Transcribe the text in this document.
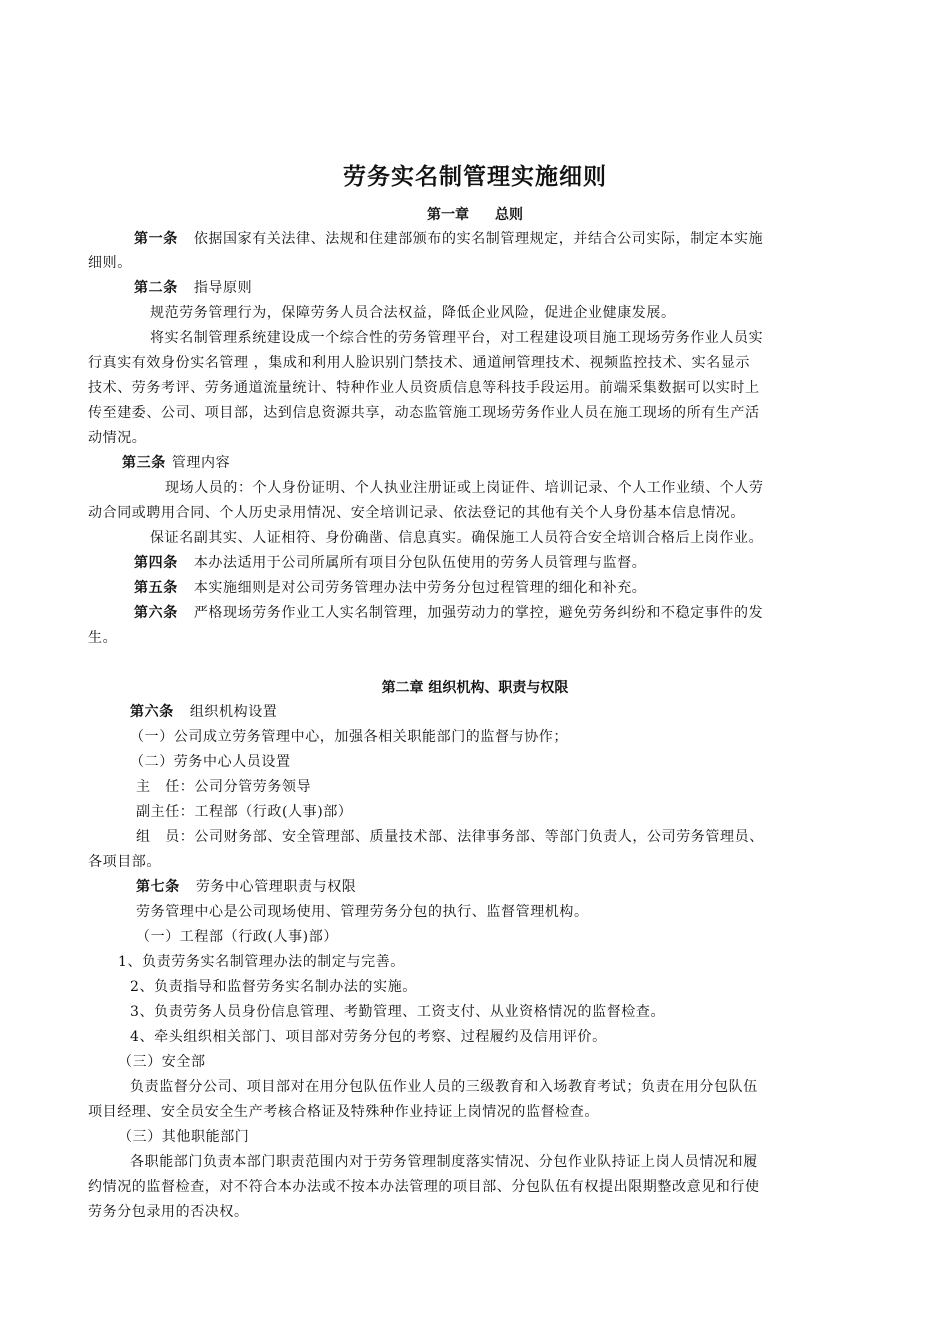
劳务实名制管理实施细则
第一章 总则
第一条 依据国家有关法律、法规和住建部颁布的实名制管理规定，并结合公司实际，制定本实施
细则。
第二条 指导原则
规范劳务管理行为，保障劳务人员合法权益，降低企业风险，促进企业健康发展。
将实名制管理系统建设成一个综合性的劳务管理平台，对工程建设项目施工现场劳务作业人员实
行真实有效身份实名管理 ，集成和利用人脸识别门禁技术、通道闸管理技术、视频监控技术、实名显示
技术、劳务考评、劳务通道流量统计、特种作业人员资质信息等科技手段运用。前端采集数据可以实时上
传至建委、公司、项目部，达到信息资源共享，动态监管施工现场劳务作业人员在施工现场的所有生产活
动情况。
第三条 管理内容
现场人员的：个人身份证明、个人执业注册证或上岗证件、培训记录、个人工作业绩、个人劳
动合同或聘用合同、个人历史录用情况、安全培训记录、依法登记的其他有关个人身份基本信息情况。
保证名副其实、人证相符、身份确凿、信息真实。确保施工人员符合安全培训合格后上岗作业。
第四条 本办法适用于公司所属所有项目分包队伍使用的劳务人员管理与监督。
第五条 本实施细则是对公司劳务管理办法中劳务分包过程管理的细化和补充。
第六条 严格现场劳务作业工人实名制管理，加强劳动力的掌控，避免劳务纠纷和不稳定事件的发
生。
第二章 组织机构、职责与权限
第六条 组织机构设置
（一）公司成立劳务管理中心，加强各相关职能部门的监督与协作；
（二）劳务中心人员设置
主　任：公司分管劳务领导
副主任：工程部（行政(人事)部）
组　员：公司财务部、安全管理部、质量技术部、法律事务部、等部门负责人，公司劳务管理员、
各项目部。
第七条 劳务中心管理职责与权限
劳务管理中心是公司现场使用、管理劳务分包的执行、监督管理机构。
（一）工程部（行政(人事)部）
1、负责劳务实名制管理办法的制定与完善。
2、负责指导和监督劳务实名制办法的实施。
3、负责劳务人员身份信息管理、考勤管理、工资支付、从业资格情况的监督检查。
4、牵头组织相关部门、项目部对劳务分包的考察、过程履约及信用评价。
（三）安全部
负责监督分公司、项目部对在用分包队伍作业人员的三级教育和入场教育考试；负责在用分包队伍
项目经理、安全员安全生产考核合格证及特殊种作业持证上岗情况的监督检查。
（三）其他职能部门
各职能部门负责本部门职责范围内对于劳务管理制度落实情况、分包作业队持证上岗人员情况和履
约情况的监督检查，对不符合本办法或不按本办法管理的项目部、分包队伍有权提出限期整改意见和行使
劳务分包录用的否决权。
